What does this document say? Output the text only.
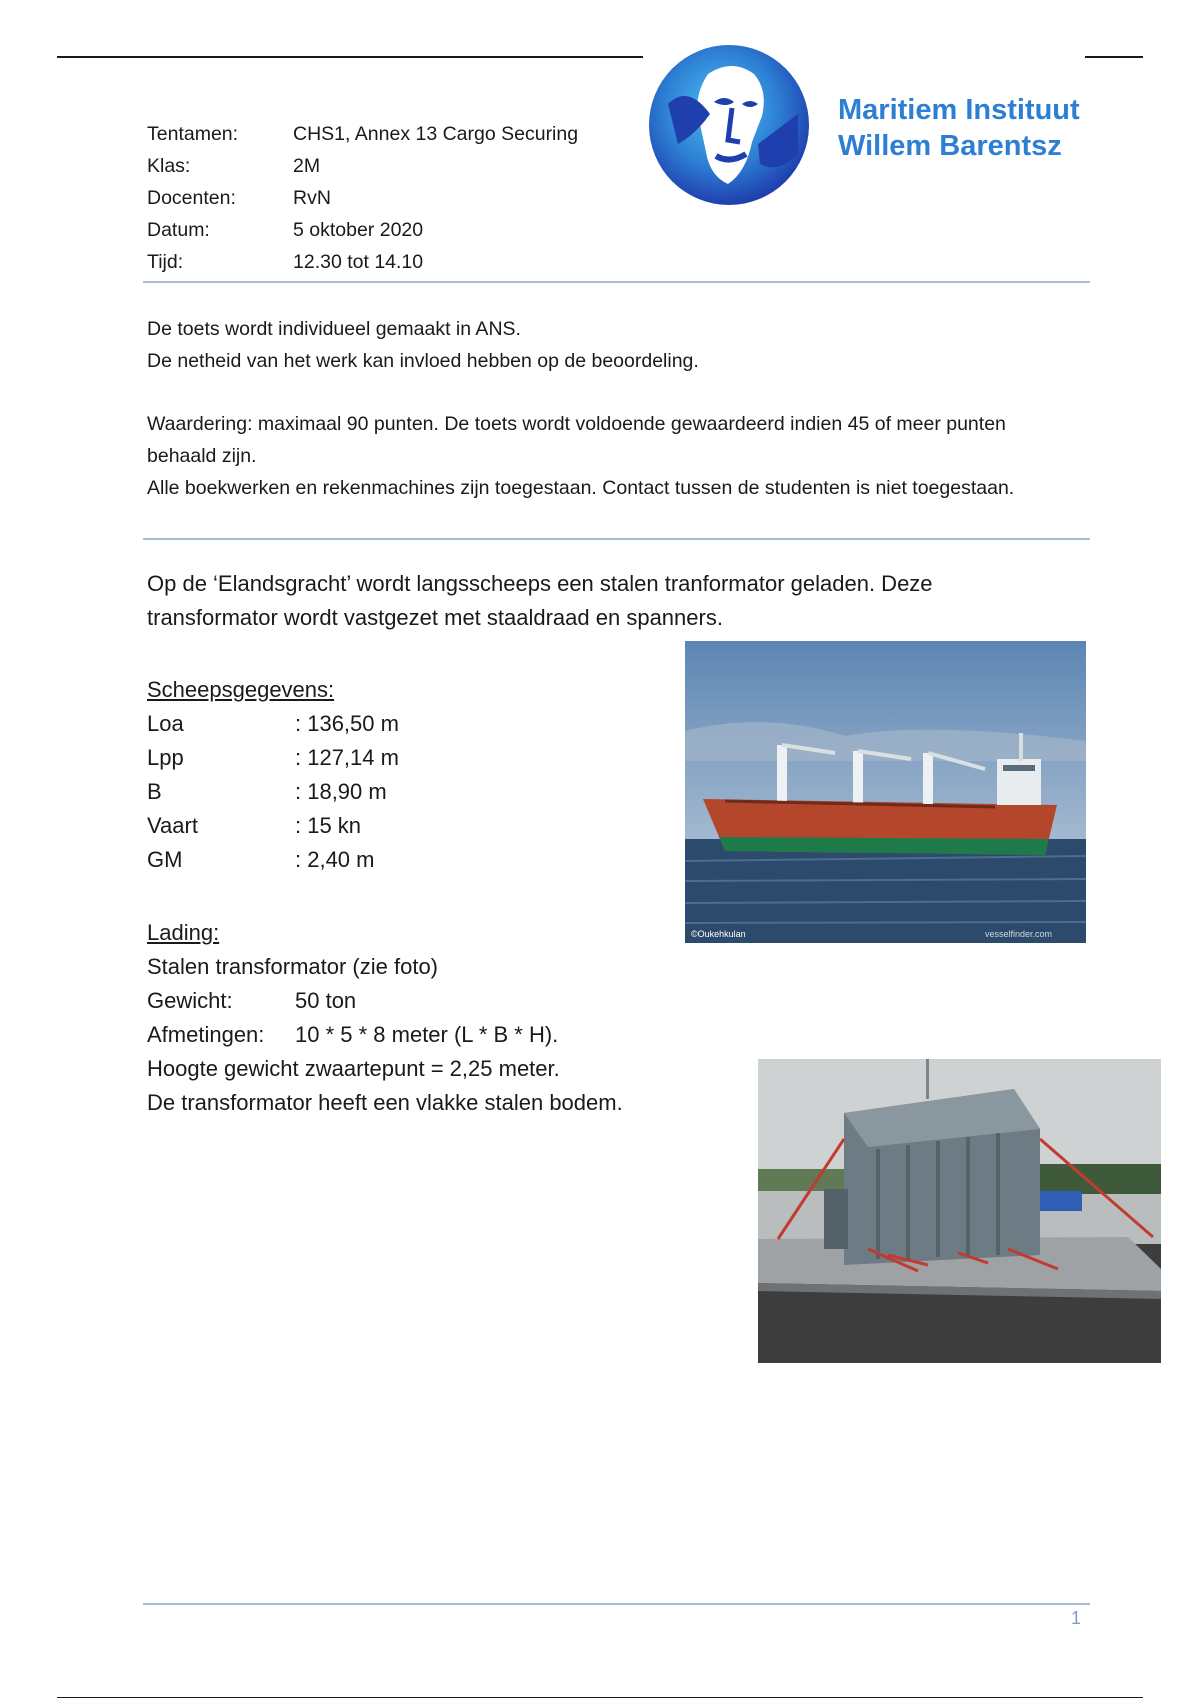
Tentamen:	CHS1, Annex 13 Cargo Securing
Klas:	2M
Docenten:	RvN
Datum:	5 oktober 2020
Tijd:	12.30 tot 14.10
Maritiem Instituut
Willem Barentsz
De toets wordt individueel gemaakt in ANS.
De netheid van het werk kan invloed hebben op de beoordeling.
Waardering: maximaal 90 punten. De toets wordt voldoende gewaardeerd indien 45 of meer punten
behaald zijn.
Alle boekwerken en rekenmachines zijn toegestaan. Contact tussen de studenten is niet toegestaan.
Op de ‘Elandsgracht’ wordt langsscheeps een stalen tranformator geladen. Deze
transformator wordt vastgezet met staaldraad en spanners.
Scheepsgegevens:
Loa	: 136,50 m
Lpp	: 127,14 m
B	: 18,90 m
Vaart	: 15 kn
GM	: 2,40 m
©Oukehkulan	vesselfinder.com
Lading:
Stalen transformator (zie foto)
Gewicht:	50 ton
Afmetingen:	10 * 5 * 8 meter (L * B * H).
Hoogte gewicht zwaartepunt = 2,25 meter.
De transformator heeft een vlakke stalen bodem.
1
